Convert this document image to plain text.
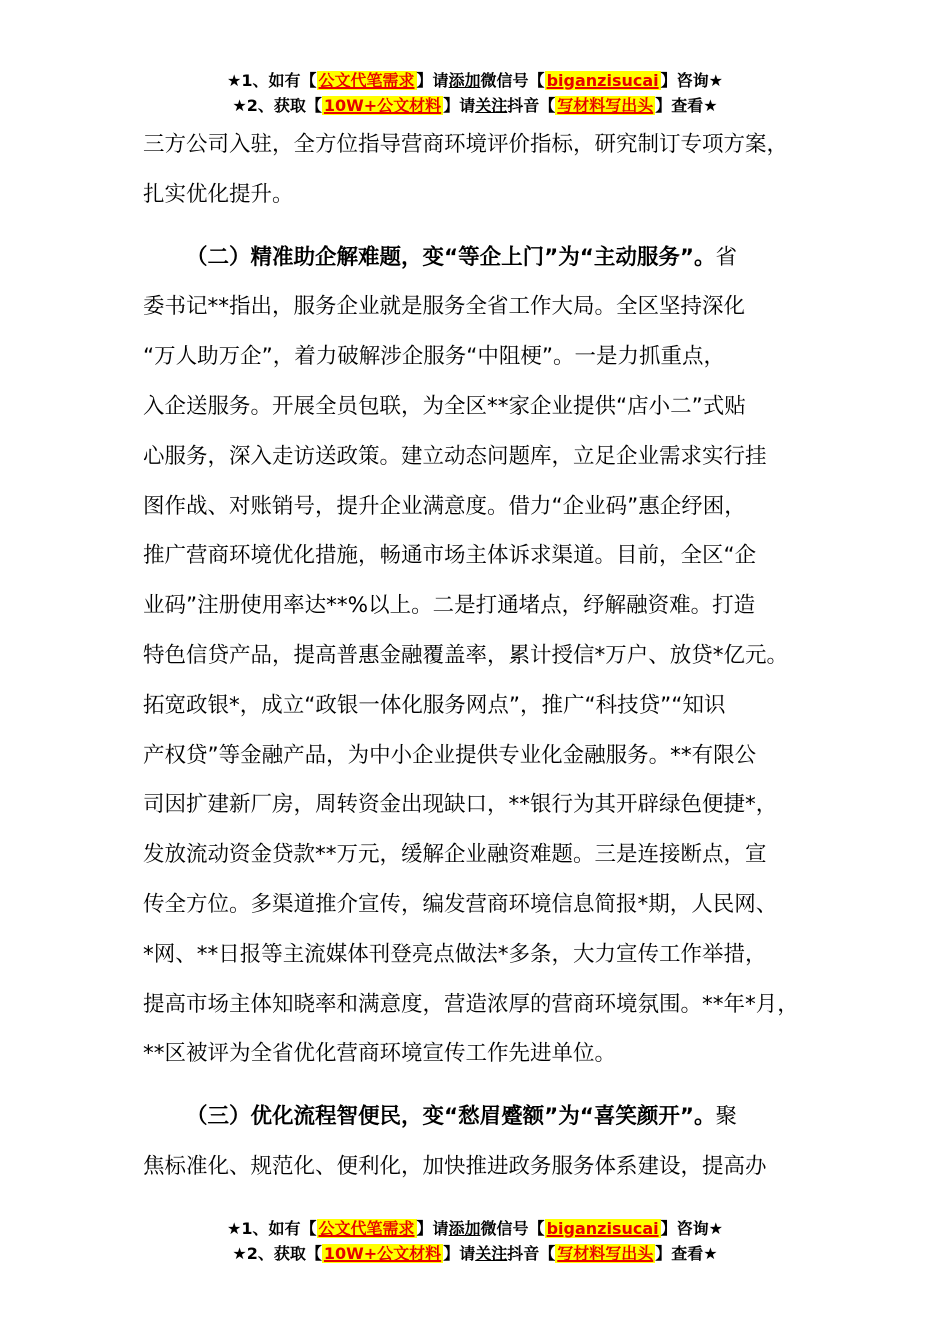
★1、如有【 公文代笔需求 】请添加微信号【 biganzisucai 】咨询★
★2、获取【 10W+公文材料 】请关注抖音【 写材料写出头 】查看★

三方公司入驻，全方位指导营商环境评价指标，研究制订专项方案，

扎实优化提升。

（二）精准助企解难题，变“等企上门”为“主动服务”。省

委书记**指出，服务企业就是服务全省工作大局。全区坚持深化

“万人助万企”，着力破解涉企服务“中阻梗”。一是力抓重点，

入企送服务。开展全员包联，为全区**家企业提供“店小二”式贴

心服务，深入走访送政策。建立动态问题库，立足企业需求实行挂

图作战、对账销号，提升企业满意度。借力“企业码”惠企纾困，

推广营商环境优化措施，畅通市场主体诉求渠道。目前，全区“企

业码”注册使用率达**%以上。二是打通堵点，纾解融资难。打造

特色信贷产品，提高普惠金融覆盖率，累计授信*万户、放贷*亿元。

拓宽政银*，成立“政银一体化服务网点”，推广“科技贷”“知识

产权贷”等金融产品，为中小企业提供专业化金融服务。**有限公

司因扩建新厂房，周转资金出现缺口，**银行为其开辟绿色便捷*，

发放流动资金贷款**万元，缓解企业融资难题。三是连接断点，宣

传全方位。多渠道推介宣传，编发营商环境信息简报*期，人民网、

*网、**日报等主流媒体刊登亮点做法*多条，大力宣传工作举措，

提高市场主体知晓率和满意度，营造浓厚的营商环境氛围。**年*月，

**区被评为全省优化营商环境宣传工作先进单位。

（三）优化流程智便民，变“愁眉蹙额”为“喜笑颜开”。聚

焦标准化、规范化、便利化，加快推进政务服务体系建设，提高办

★1、如有【 公文代笔需求 】请添加微信号【 biganzisucai 】咨询★
★2、获取【 10W+公文材料 】请关注抖音【 写材料写出头 】查看★
